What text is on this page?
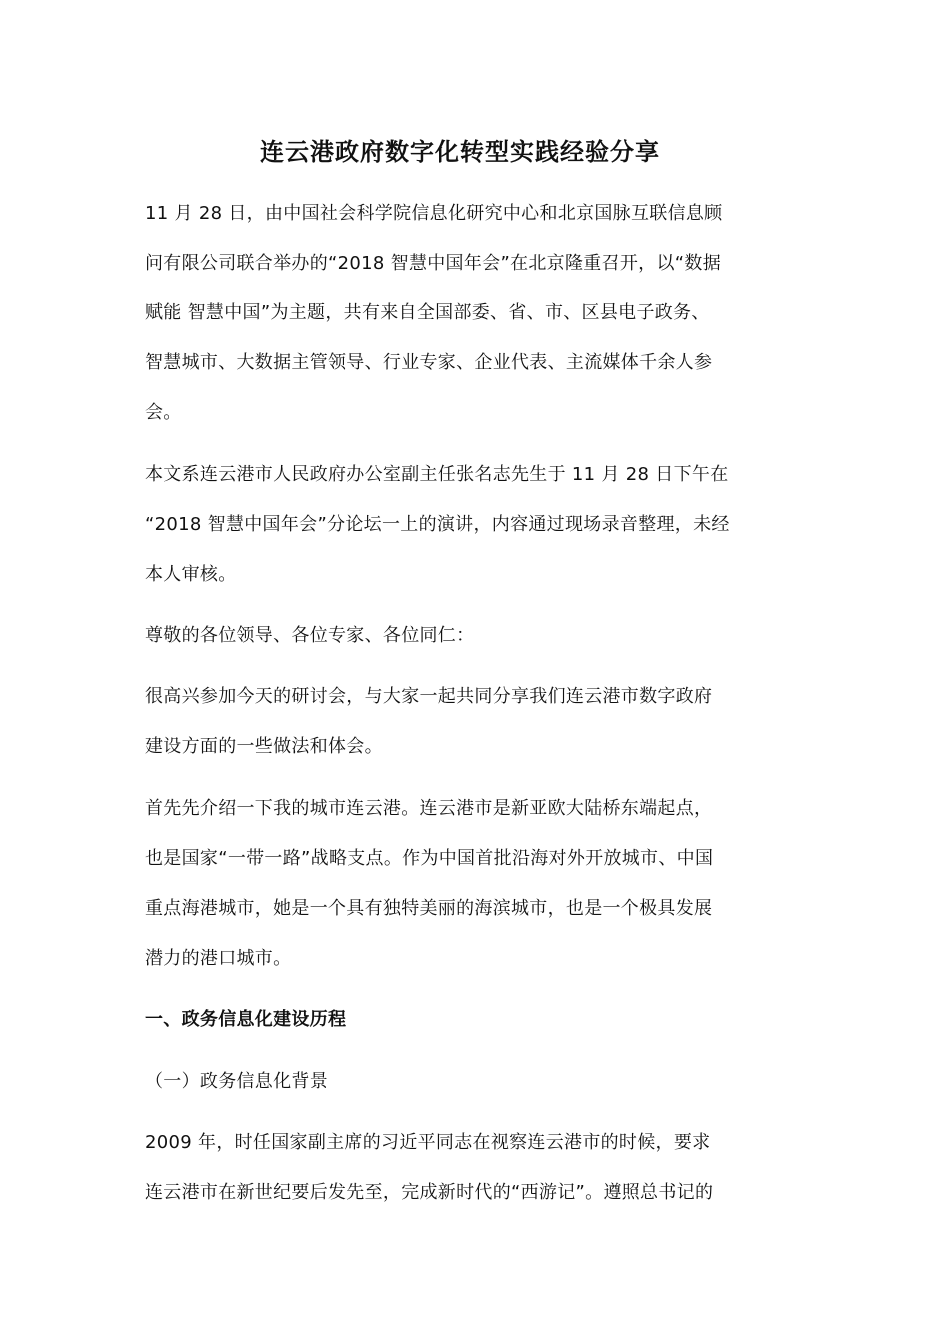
连云港政府数字化转型实践经验分享
11 月 28 日，由中国社会科学院信息化研究中心和北京国脉互联信息顾
问有限公司联合举办的“2018 智慧中国年会”在北京隆重召开，以“数据
赋能 智慧中国”为主题，共有来自全国部委、省、市、区县电子政务、
智慧城市、大数据主管领导、行业专家、企业代表、主流媒体千余人参
会。
本文系连云港市人民政府办公室副主任张名志先生于 11 月 28 日下午在
“2018 智慧中国年会”分论坛一上的演讲，内容通过现场录音整理，未经
本人审核。
尊敬的各位领导、各位专家、各位同仁：
很高兴参加今天的研讨会，与大家一起共同分享我们连云港市数字政府
建设方面的一些做法和体会。
首先先介绍一下我的城市连云港。连云港市是新亚欧大陆桥东端起点，
也是国家“一带一路”战略支点。作为中国首批沿海对外开放城市、中国
重点海港城市，她是一个具有独特美丽的海滨城市，也是一个极具发展
潜力的港口城市。
一、政务信息化建设历程
（一）政务信息化背景
2009 年，时任国家副主席的习近平同志在视察连云港市的时候，要求
连云港市在新世纪要后发先至，完成新时代的“西游记”。遵照总书记的
